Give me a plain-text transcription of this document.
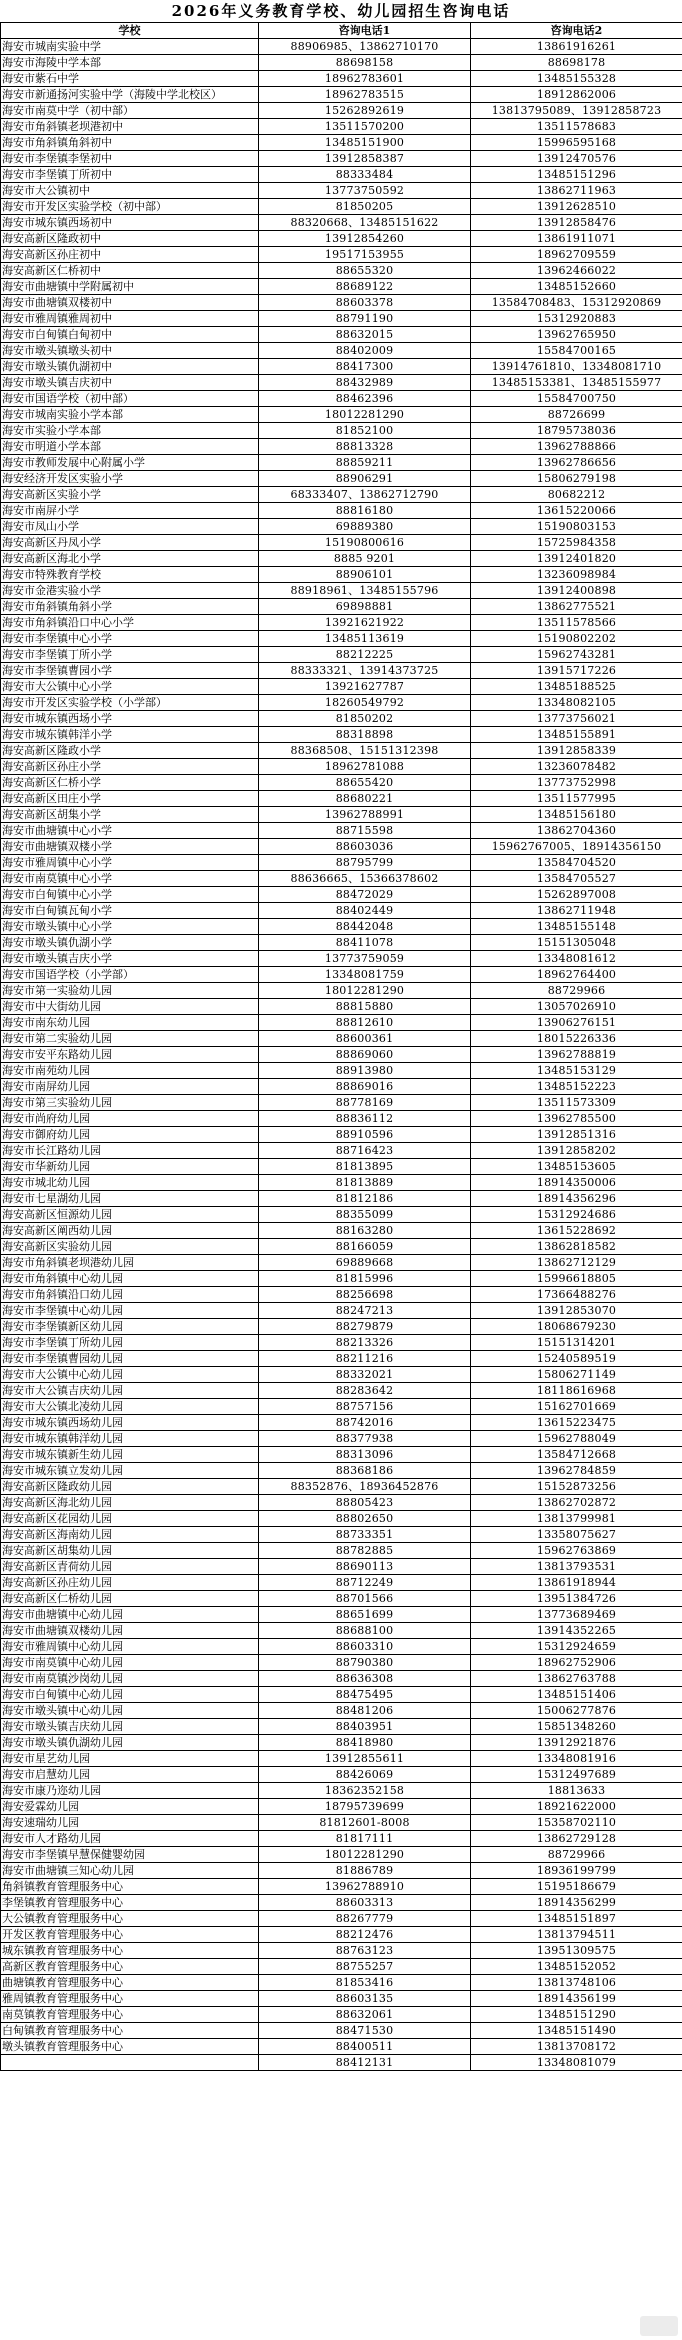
2026年义务教育学校、幼儿园招生咨询电话
学校	咨询电话1	咨询电话2
海安市城南实验中学	88906985、13862710170	13861916261
海安市海陵中学本部	88698158	88698178
海安市紫石中学	18962783601	13485155328
海安市新通扬河实验中学（海陵中学北校区）	18962783515	18912862006
海安市南莫中学（初中部）	15262892619	13813795089、13912858723
海安市角斜镇老坝港初中	13511570200	13511578683
海安市角斜镇角斜初中	13485151900	15996595168
海安市李堡镇李堡初中	13912858387	13912470576
海安市李堡镇丁所初中	88333484	13485151296
海安市大公镇初中	13773750592	13862711963
海安市开发区实验学校（初中部）	81850205	13912628510
海安市城东镇西场初中	88320668、13485151622	13912858476
海安高新区隆政初中	13912854260	13861911071
海安高新区孙庄初中	19517153955	18962709559
海安高新区仁桥初中	88655320	13962466022
海安市曲塘镇中学附属初中	88689122	13485152660
海安市曲塘镇双楼初中	88603378	13584708483、15312920869
海安市雅周镇雅周初中	88791190	15312920883
海安市白甸镇白甸初中	88632015	13962765950
海安市墩头镇墩头初中	88402009	15584700165
海安市墩头镇仇湖初中	88417300	13914761810、13348081710
海安市墩头镇吉庆初中	88432989	13485153381、13485155977
海安市国语学校（初中部）	88462396	15584700750
海安市城南实验小学本部	18012281290	88726699
海安市实验小学本部	81852100	18795738036
海安市明道小学本部	88813328	13962788866
海安市教师发展中心附属小学	88859211	13962786656
海安经济开发区实验小学	88906291	15806279198
海安高新区实验小学	68333407、13862712790	80682212
海安市南屏小学	88816180	13615220066
海安市凤山小学	69889380	15190803153
海安高新区丹凤小学	15190800616	15725984358
海安高新区海北小学	8885 9201	13912401820
海安市特殊教育学校	88906101	13236098984
海安市金港实验小学	88918961、13485155796	13912400898
海安市角斜镇角斜小学	69898881	13862775521
海安市角斜镇沿口中心小学	13921621922	13511578566
海安市李堡镇中心小学	13485113619	15190802202
海安市李堡镇丁所小学	88212225	15962743281
海安市李堡镇曹园小学	88333321、13914373725	13915717226
海安市大公镇中心小学	13921627787	13485188525
海安市开发区实验学校（小学部）	18260549792	13348082105
海安市城东镇西场小学	81850202	13773756021
海安市城东镇韩洋小学	88318898	13485155891
海安高新区隆政小学	88368508、15151312398	13912858339
海安高新区孙庄小学	18962781088	13236078482
海安高新区仁桥小学	88655420	13773752998
海安高新区田庄小学	88680221	13511577995
海安高新区胡集小学	13962788991	13485156180
海安市曲塘镇中心小学	88715598	13862704360
海安市曲塘镇双楼小学	88603036	15962767005、18914356150
海安市雅周镇中心小学	88795799	13584704520
海安市南莫镇中心小学	88636665、15366378602	13584705527
海安市白甸镇中心小学	88472029	15262897008
海安市白甸镇瓦甸小学	88402449	13862711948
海安市墩头镇中心小学	88442048	13485155148
海安市墩头镇仇湖小学	88411078	15151305048
海安市墩头镇吉庆小学	13773759059	13348081612
海安市国语学校（小学部）	13348081759	18962764400
海安市第一实验幼儿园	18012281290	88729966
海安市中大街幼儿园	88815880	13057026910
海安市南东幼儿园	88812610	13906276151
海安市第二实验幼儿园	88600361	18015226336
海安市安平东路幼儿园	88869060	13962788819
海安市南苑幼儿园	88913980	13485153129
海安市南屏幼儿园	88869016	13485152223
海安市第三实验幼儿园	88778169	13511573309
海安市尚府幼儿园	88836112	13962785500
海安市御府幼儿园	88910596	13912851316
海安市长江路幼儿园	88716423	13912858202
海安市华新幼儿园	81813895	13485153605
海安市城北幼儿园	81813889	18914350006
海安市七星湖幼儿园	81812186	18914356296
海安高新区恒源幼儿园	88355099	15312924686
海安高新区阐西幼儿园	88163280	13615228692
海安高新区实验幼儿园	88166059	13862818582
海安市角斜镇老坝港幼儿园	69889668	13862712129
海安市角斜镇中心幼儿园	81815996	15996618805
海安市角斜镇沿口幼儿园	88256698	17366488276
海安市李堡镇中心幼儿园	88247213	13912853070
海安市李堡镇新区幼儿园	88279879	18068679230
海安市李堡镇丁所幼儿园	88213326	15151314201
海安市李堡镇曹园幼儿园	88211216	15240589519
海安市大公镇中心幼儿园	88332021	15806271149
海安市大公镇吉庆幼儿园	88283642	18118616968
海安市大公镇北凌幼儿园	88757156	15162701669
海安市城东镇西场幼儿园	88742016	13615223475
海安市城东镇韩洋幼儿园	88377938	15962788049
海安市城东镇新生幼儿园	88313096	13584712668
海安市城东镇立发幼儿园	88368186	13962784859
海安高新区隆政幼儿园	88352876、18936452876	15152873256
海安高新区海北幼儿园	88805423	13862702872
海安高新区花园幼儿园	88802650	13813799981
海安高新区海南幼儿园	88733351	13358075627
海安高新区胡集幼儿园	88782885	15962763869
海安高新区青荷幼儿园	88690113	13813793531
海安高新区孙庄幼儿园	88712249	13861918944
海安高新区仁桥幼儿园	88701566	13951384726
海安市曲塘镇中心幼儿园	88651699	13773689469
海安市曲塘镇双楼幼儿园	88688100	13914352265
海安市雅周镇中心幼儿园	88603310	15312924659
海安市南莫镇中心幼儿园	88790380	18962752906
海安市南莫镇沙岗幼儿园	88636308	13862763788
海安市白甸镇中心幼儿园	88475495	13485151406
海安市墩头镇中心幼儿园	88481206	15006277876
海安市墩头镇吉庆幼儿园	88403951	15851348260
海安市墩头镇仇湖幼儿园	88418980	13912921876
海安市星艺幼儿园	13912855611	13348081916
海安市启慧幼儿园	88426069	15312497689
海安市康乃迩幼儿园	18362352158	18813633
海安爱霖幼儿园	18795739699	18921622000
海安速瑞幼儿园	81812601-8008	15358702110
海安市人才路幼儿园	81817111	13862729128
海安市李堡镇早慧保健婴幼园	18012281290	88729966
海安市曲塘镇三知心幼儿园	81886789	18936199799
角斜镇教育管理服务中心	13962788910	15195186679
李堡镇教育管理服务中心	88603313	18914356299
大公镇教育管理服务中心	88267779	13485151897
开发区教育管理服务中心	88212476	13813794511
城东镇教育管理服务中心	88763123	13951309575
高新区教育管理服务中心	88755257	13485152052
曲塘镇教育管理服务中心	81853416	13813748106
雅周镇教育管理服务中心	88603135	18914356199
南莫镇教育管理服务中心	88632061	13485151290
白甸镇教育管理服务中心	88471530	13485151490
墩头镇教育管理服务中心	88400511	13813708172
	88412131	13348081079
